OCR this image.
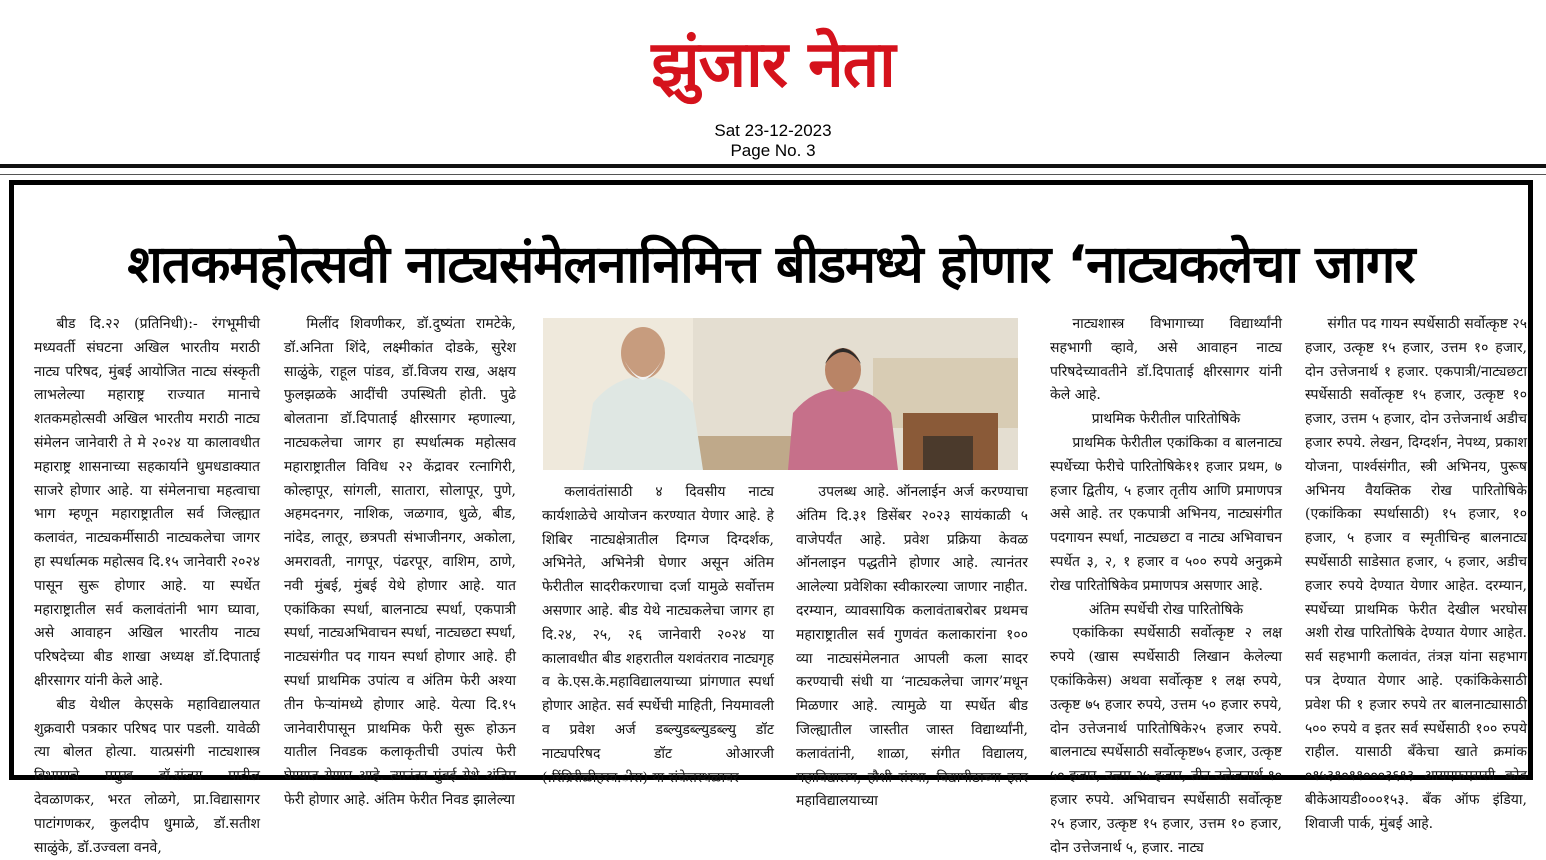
झुंजार नेता
Sat 23-12-2023
Page No. 3
शतकमहोत्सवी नाट्यसंमेलनानिमित्त बीडमध्ये होणार ‘नाट्यकलेचा जागर

बीड दि.२२ (प्रतिनिधी):- रंगभूमीची मध्यवर्ती संघटना अखिल भारतीय मराठी नाट्य परिषद, मुंबई आयोजित नाट्य संस्कृती लाभलेल्या महाराष्ट्र राज्यात मानाचे शतकमहोत्सवी अखिल भारतीय मराठी नाट्य संमेलन जानेवारी ते मे २०२४ या कालावधीत महाराष्ट्र शासनाच्या सहकार्याने धुमधडाक्यात साजरे होणार आहे. या संमेलनाचा महत्वाचा भाग म्हणून महाराष्ट्रातील सर्व जिल्ह्यात कलावंत, नाट्यकर्मीसाठी नाट्यकलेचा जागर हा स्पर्धात्मक महोत्सव दि.१५ जानेवारी २०२४ पासून सुरू होणार आहे. या स्पर्धेत महाराष्ट्रातील सर्व कलावंतांनी भाग घ्यावा, असे आवाहन अखिल भारतीय नाट्य परिषदेच्या बीड शाखा अध्यक्ष डॉ.दिपाताई क्षीरसागर यांनी केले आहे.

बीड येथील केएसके महाविद्यालयात शुक्रवारी पत्रकार परिषद पार पडली. यावेळी त्या बोलत होत्या. यात्प्रसंगी नाट्यशास्त्र विभागाचे प्रमुख डॉ.संजय पाटील देवळाणकर, भरत लोळगे, प्रा.विद्यासागर पाटांगणकर, कुलदीप धुमाळे, डॉ.सतीश साळुंके, डॉ.उज्वला वनवे,

मिलींद शिवणीकर, डॉ.दुष्यंता रामटेके, डॉ.अनिता शिंदे, लक्ष्मीकांत दोडके, सुरेश साळुंके, राहूल पांडव, डॉ.विजय राख, अक्षय फुलझळके आदींची उपस्थिती होती. पुढे बोलताना डॉ.दिपाताई क्षीरसागर म्हणाल्या, नाट्यकलेचा जागर हा स्पर्धात्मक महोत्सव महाराष्ट्रातील विविध २२ केंद्रावर रत्नागिरी, कोल्हापूर, सांगली, सातारा, सोलापूर, पुणे, अहमदनगर, नाशिक, जळगाव, धुळे, बीड, नांदेड, लातूर, छत्रपती संभाजीनगर, अकोला, अमरावती, नागपूर, पंढरपूर, वाशिम, ठाणे, नवी मुंबई, मुंबई येथे होणार आहे. यात एकांकिका स्पर्धा, बालनाट्य स्पर्धा, एकपात्री स्पर्धा, नाट्यअभिवाचन स्पर्धा, नाट्यछटा स्पर्धा, नाट्यसंगीत पद गायन स्पर्धा होणार आहे. ही स्पर्धा प्राथमिक उपांत्य व अंतिम फेरी अश्या तीन फेऱ्यांमध्ये होणार आहे. येत्या दि.१५ जानेवारीपासून प्राथमिक फेरी सुरू होऊन यातील निवडक कलाकृतीची उपांत्य फेरी घेण्यात येणार आहे. त्यानंतर मुंबई येथे अंतिम फेरी होणार आहे. अंतिम फेरीत निवड झालेल्या

कलावंतांसाठी ४ दिवसीय नाट्य कार्यशाळेचे आयोजन करण्यात येणार आहे. हे शिबिर नाट्यक्षेत्रातील दिग्गज दिग्दर्शक, अभिनेते, अभिनेत्री घेणार असून अंतिम फेरीतील सादरीकरणाचा दर्जा यामुळे सर्वोत्तम असणार आहे. बीड येथे नाट्यकलेचा जागर हा दि.२४, २५, २६ जानेवारी २०२४ या कालावधीत बीड शहरातील यशवंतराव नाट्यगृह व के.एस.के.महाविद्यालयाच्या प्रांगणात स्पर्धा होणार आहेत. सर्व स्पर्धेची माहिती, नियमावली व प्रवेश अर्ज डब्ल्युडब्ल्युडब्ल्यु डॉट नाट्यपरिषद डॉट ओआरजी (.रिंग्रिरीळीहरव.ीस) या संकेतस्थळावर

उपलब्ध आहे. ऑनलाईन अर्ज करण्याचा अंतिम दि.३१ डिसेंबर २०२३ सायंकाळी ५ वाजेपर्यंत आहे. प्रवेश प्रक्रिया केवळ ऑनलाइन पद्धतीने होणार आहे. त्यानंतर आलेल्या प्रवेशिका स्वीकारल्या जाणार नाहीत. दरम्यान, व्यावसायिक कलावंताबरोबर प्रथमच महाराष्ट्रातील सर्व गुणवंत कलाकारांना १०० व्या नाट्यसंमेलनात आपली कला सादर करण्याची संधी या ‘नाट्यकलेचा जागर’मधून मिळणार आहे. त्यामुळे या स्पर्धेत बीड जिल्ह्यातील जास्तीत जास्त विद्यार्थ्यांनी, कलावंतांनी, शाळा, संगीत विद्यालय, महाविद्यालय, हौशी संस्था, विद्यापीठाच्या इतर महाविद्यालयाच्या

नाट्यशास्त्र विभागाच्या विद्यार्थ्यांनी सहभागी व्हावे, असे आवाहन नाट्य परिषदेच्यावतीने डॉ.दिपाताई क्षीरसागर यांनी केले आहे.

प्राथमिक फेरीतील पारितोषिके

प्राथमिक फेरीतील एकांकिका व बालनाट्य स्पर्धेच्या फेरीचे पारितोषिके११ हजार प्रथम, ७ हजार द्वितीय, ५ हजार तृतीय आणि प्रमाणपत्र असे आहे. तर एकपात्री अभिनय, नाट्यसंगीत पदगायन स्पर्धा, नाट्यछटा व नाट्य अभिवाचन स्पर्धेत ३, २, १ हजार व ५०० रुपये अनुक्रमे रोख पारितोषिकेव प्रमाणपत्र असणार आहे.

अंतिम स्पर्धेची रोख पारितोषिके

एकांकिका स्पर्धेसाठी सर्वोत्कृष्ट २ लक्ष रुपये (खास स्पर्धेसाठी लिखान केलेल्या एकांकिकेस) अथवा सर्वोत्कृष्ट १ लक्ष रुपये, उत्कृष्ट ७५ हजार रुपये, उत्तम ५० हजार रुपये, दोन उत्तेजनार्थ पारितोषिके२५ हजार रुपये. बालनाट्य स्पर्धेसाठी सर्वोत्कृष्ट७५ हजार, उत्कृष्ट ५० हजार, उत्तम २५ हजार, तीन उत्तेजनार्थ १० हजार रुपये. अभिवाचन स्पर्धेसाठी सर्वोत्कृष्ट २५ हजार, उत्कृष्ट १५ हजार, उत्तम १० हजार, दोन उत्तेजनार्थ ५, हजार. नाट्य

संगीत पद गायन स्पर्धेसाठी सर्वोत्कृष्ट २५ हजार, उत्कृष्ट १५ हजार, उत्तम १० हजार, दोन उत्तेजनार्थ १ हजार. एकपात्री/नाट्यछटा स्पर्धेसाठी सर्वोत्कृष्ट १५ हजार, उत्कृष्ट १० हजार, उत्तम ५ हजार, दोन उत्तेजनार्थ अडीच हजार रुपये. लेखन, दिग्दर्शन, नेपथ्य, प्रकाश योजना, पार्श्वसंगीत, स्त्री अभिनय, पुरूष अभिनय वैयक्तिक रोख पारितोषिके (एकांकिका स्पर्धासाठी) १५ हजार, १० हजार, ५ हजार व स्मृतीचिन्ह बालनाट्य स्पर्धेसाठी साडेसात हजार, ५ हजार, अडीच हजार रुपये देण्यात येणार आहेत. दरम्यान, स्पर्धेच्या प्राथमिक फेरीत देखील भरघोस अशी रोख पारितोषिके देण्यात येणार आहेत. सर्व सहभागी कलावंत, तंत्रज्ञ यांना सहभाग पत्र देण्यात येणार आहे. एकांकिकेसाठी प्रवेश फी १ हजार रुपये तर बालनाट्यासाठी ५०० रुपये व इतर सर्व स्पर्धेसाठी १०० रुपये राहील. यासाठी बँकेचा खाते क्रमांक ०१५३१०११०००३६९३ आयएफएससी कोड बीकेआयडी०००१५३. बँक ऑफ इंडिया, शिवाजी पार्क, मुंबई आहे.
